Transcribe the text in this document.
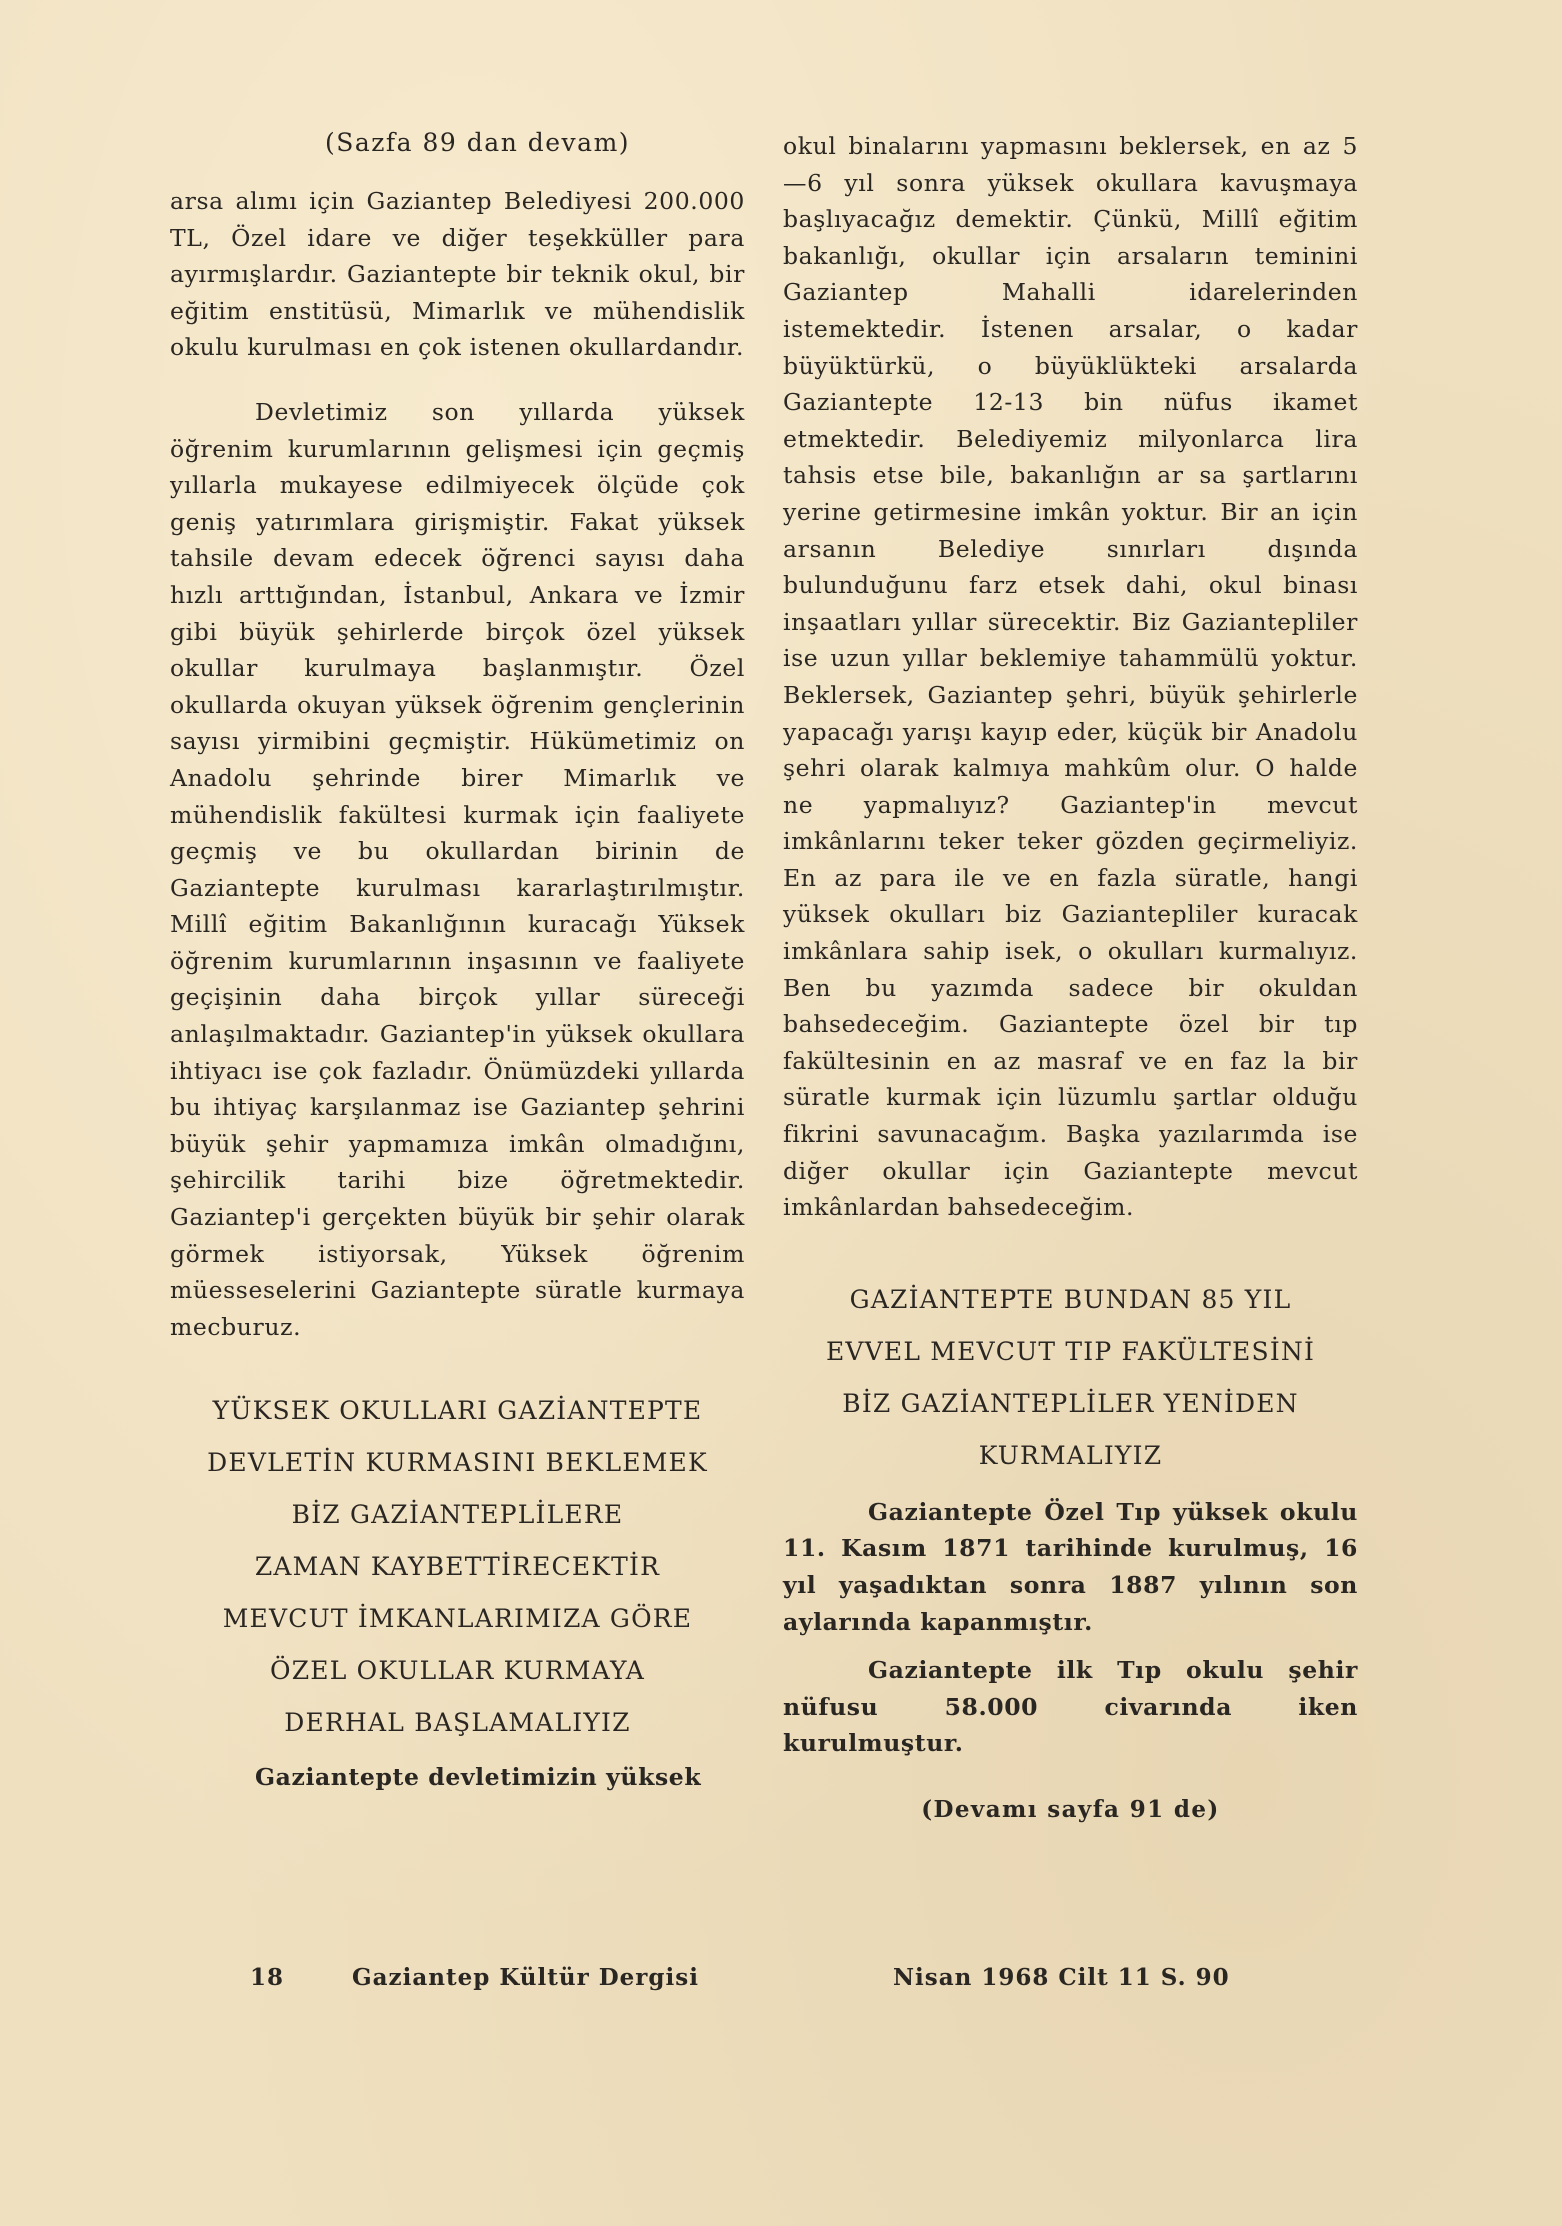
(Sazfa 89 dan devam)

arsa alımı için Gaziantep Belediyesi 200.000 TL, Özel idare ve diğer teşekküller para ayırmışlardır. Gaziantepte bir teknik okul, bir eğitim enstitüsü, Mimarlık ve mühendislik okulu kurulması en çok istenen okullardandır.

Devletimiz son yıllarda yüksek öğrenim kurumlarının gelişmesi için geçmiş yıllarla mukayese edilmiyecek ölçüde çok geniş yatırımlara girişmiştir. Fakat yüksek tahsile devam edecek öğrenci sayısı daha hızlı arttığından, İstanbul, Ankara ve İzmir gibi büyük şehirlerde birçok özel yüksek okullar kurulmaya başlanmıştır. Özel okullarda okuyan yüksek öğrenim gençlerinin sayısı yirmibini geçmiştir. Hükümetimiz on Anadolu şehrinde birer Mimarlık ve mühendislik fakültesi kurmak için faaliyete geçmiş ve bu okullardan birinin de Gaziantepte kurulması kararlaştırılmıştır. Millî eğitim Bakanlığının kuracağı Yüksek öğrenim kurumlarının inşasının ve faaliyete geçişinin daha birçok yıllar süreceği anlaşılmaktadır. Gaziantep'in yüksek okullara ihtiyacı ise çok fazladır. Önümüzdeki yıllarda bu ihtiyaç karşılanmaz ise Gaziantep şehrini büyük şehir yapmamıza imkân olmadığını, şehircilik tarihi bize öğretmektedir. Gaziantep'i gerçekten büyük bir şehir olarak görmek istiyorsak, Yüksek öğrenim müesseselerini Gaziantepte süratle kurmaya mecburuz.

YÜKSEK OKULLARI GAZİANTEPTE

DEVLETİN KURMASINI BEKLEMEK

BİZ GAZİANTEPLİLERE

ZAMAN KAYBETTİRECEKTİR

MEVCUT İMKANLARIMIZA GÖRE

ÖZEL OKULLAR KURMAYA

DERHAL BAŞLAMALIYIZ

Gaziantepte devletimizin yüksek

okul binalarını yapmasını beklersek, en az 5—6 yıl sonra yüksek okullara kavuşmaya başlıyacağız demektir. Çünkü, Millî eğitim bakanlığı, okullar için arsaların teminini Gaziantep Mahalli idarelerinden istemektedir. İstenen arsalar, o kadar büyüktürkü, o büyüklükteki arsalarda Gaziantepte 12-13 bin nüfus ikamet etmektedir. Belediyemiz milyonlarca lira tahsis etse bile, bakanlığın ar sa şartlarını yerine getirmesine imkân yoktur. Bir an için arsanın Belediye sınırları dışında bulunduğunu farz etsek dahi, okul binası inşaatları yıllar sürecektir. Biz Gaziantepliler ise uzun yıllar beklemiye tahammülü yoktur. Beklersek, Gaziantep şehri, büyük şehirlerle yapacağı yarışı kayıp eder, küçük bir Anadolu şehri olarak kalmıya mahkûm olur. O halde ne yapmalıyız? Gaziantep'in mevcut imkânlarını teker teker gözden geçirmeliyiz. En az para ile ve en fazla süratle, hangi yüksek okulları biz Gaziantepliler kuracak imkânlara sahip isek, o okulları kurmalıyız. Ben bu yazımda sadece bir okuldan bahsedeceğim. Gaziantepte özel bir tıp fakültesinin en az masraf ve en faz la bir süratle kurmak için lüzumlu şartlar olduğu fikrini savunacağım. Başka yazılarımda ise diğer okullar için Gaziantepte mevcut imkânlardan bahsedeceğim.

GAZİANTEPTE BUNDAN 85 YIL

EVVEL MEVCUT TIP FAKÜLTESİNİ

BİZ GAZİANTEPLİLER YENİDEN

KURMALIYIZ

Gaziantepte Özel Tıp yüksek okulu 11. Kasım 1871 tarihinde kurulmuş, 16 yıl yaşadıktan sonra 1887 yılının son aylarında kapanmıştır.

Gaziantepte ilk Tıp okulu şehir nüfusu 58.000 civarında iken kurulmuştur.

(Devamı sayfa 91 de)

18	Gaziantep Kültür Dergisi	Nisan 1968 Cilt 11 S. 90
